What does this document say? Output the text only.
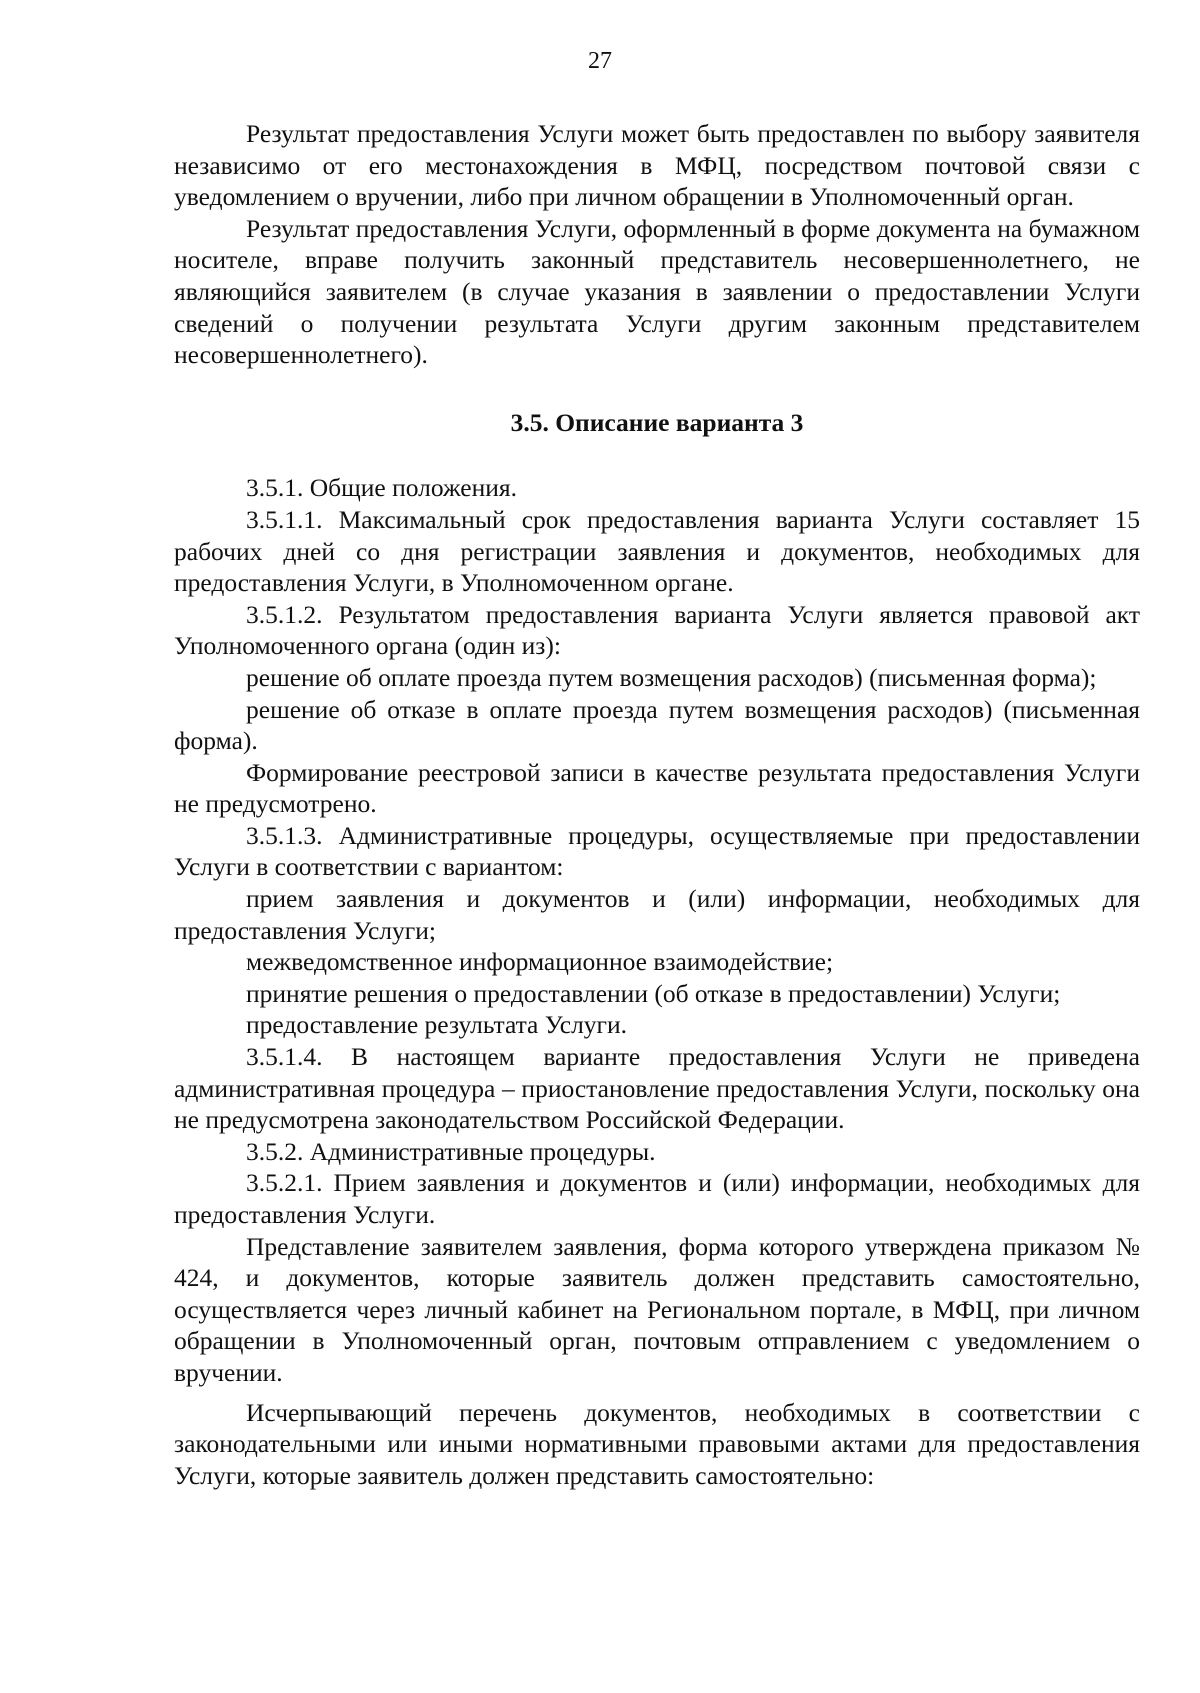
27

Результат предоставления Услуги может быть предоставлен по выбору заявителя независимо от его местонахождения в МФЦ, посредством почтовой связи с уведомлением о вручении, либо при личном обращении в Уполномоченный орган.

Результат предоставления Услуги, оформленный в форме документа на бумажном носителе, вправе получить законный представитель несовершеннолетнего, не являющийся заявителем (в случае указания в заявлении о предоставлении Услуги сведений о получении результата Услуги другим законным представителем несовершеннолетнего).

3.5. Описание варианта 3

3.5.1. Общие положения.

3.5.1.1. Максимальный срок предоставления варианта Услуги составляет 15 рабочих дней со дня регистрации заявления и документов, необходимых для предоставления Услуги, в Уполномоченном органе.

3.5.1.2. Результатом предоставления варианта Услуги является правовой акт Уполномоченного органа (один из):

решение об оплате проезда путем возмещения расходов) (письменная форма);

решение об отказе в оплате проезда путем возмещения расходов) (письменная форма).

Формирование реестровой записи в качестве результата предоставления Услуги не предусмотрено.

3.5.1.3. Административные процедуры, осуществляемые при предоставлении Услуги в соответствии с вариантом:

прием заявления и документов и (или) информации, необходимых для предоставления Услуги;

межведомственное информационное взаимодействие;

принятие решения о предоставлении (об отказе в предоставлении) Услуги;

предоставление результата Услуги.

3.5.1.4. В настоящем варианте предоставления Услуги не приведена административная процедура – приостановление предоставления Услуги, поскольку она не предусмотрена законодательством Российской Федерации.

3.5.2. Административные процедуры.

3.5.2.1. Прием заявления и документов и (или) информации, необходимых для предоставления Услуги.

Представление заявителем заявления, форма которого утверждена приказом № 424, и документов, которые заявитель должен представить самостоятельно, осуществляется через личный кабинет на Региональном портале, в МФЦ, при личном обращении в Уполномоченный орган, почтовым отправлением с уведомлением о вручении.

Исчерпывающий перечень документов, необходимых в соответствии с законодательными или иными нормативными правовыми актами для предоставления Услуги, которые заявитель должен представить самостоятельно:
